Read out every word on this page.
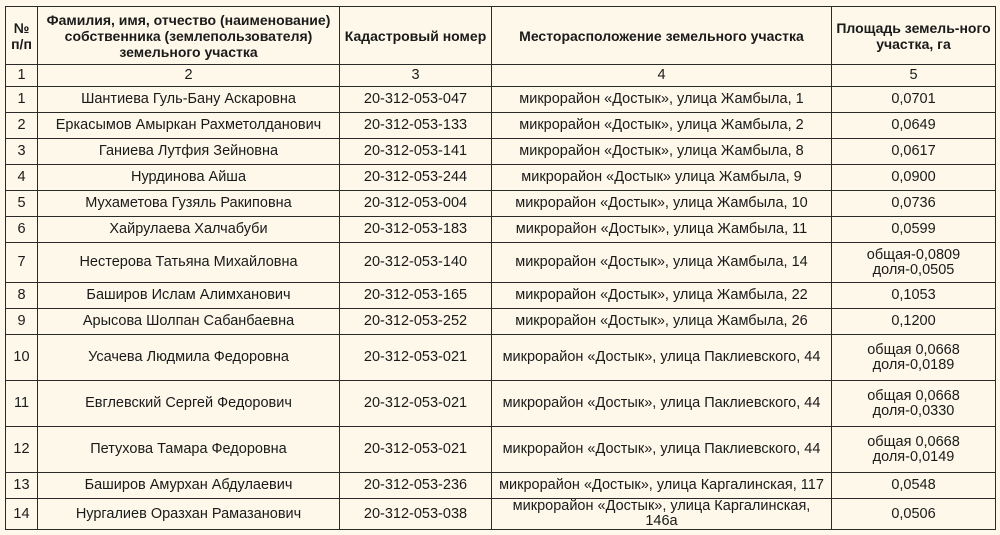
№ п/п	Фамилия, имя, отчество (наименование) собственника (землепользователя) земельного участка	Кадастровый номер	Месторасположение земельного участка	Площадь земель-ного участка, га
1	2	3	4	5
1	Шантиева Гуль-Бану Аскаровна	20-312-053-047	микрорайон «Достык», улица Жамбыла, 1	0,0701

2	Еркасымов Амыркан Рахметолданович	20-312-053-133	микрорайон «Достык», улица Жамбыла, 2	0,0649

3	Ганиева Лутфия Зейновна	20-312-053-141	микрорайон «Достык», улица Жамбыла, 8	0,0617

4	Нурдинова Айша	20-312-053-244	микрорайон «Достык» улица Жамбыла, 9	0,0900

5	Мухаметова Гузяль Ракиповна	20-312-053-004	микрорайон «Достык», улица Жамбыла, 10	0,0736

6	Хайрулаева Халчабуби	20-312-053-183	микрорайон «Достык», улица Жамбыла, 11	0,0599

7	Нестерова Татьяна Михайловна	20-312-053-140	микрорайон «Достык», улица Жамбыла, 14	общая-0,0809
доля-0,0505

8	Баширов Ислам Алимханович	20-312-053-165	микрорайон «Достык», улица Жамбыла, 22	0,1053

9	Арысова Шолпан Сабанбаевна	20-312-053-252	микрорайон «Достык», улица Жамбыла, 26	0,1200

10	Усачева Людмила Федоровна	20-312-053-021	микрорайон «Достык», улица Паклиевского, 44	общая 0,0668
доля-0,0189

11	Евглевский Сергей Федорович	20-312-053-021	микрорайон «Достык», улица Паклиевского, 44	общая 0,0668
доля-0,0330

12	Петухова Тамара Федоровна	20-312-053-021	микрорайон «Достык», улица Паклиевского, 44	общая 0,0668
доля-0,0149

13	Баширов Амурхан Абдулаевич	20-312-053-236	микрорайон «Достык», улица Каргалинская, 117	0,0548

14	Нургалиев Оразхан Рамазанович	20-312-053-038	микрорайон «Достык», улица Каргалинская, 146а	0,0506
